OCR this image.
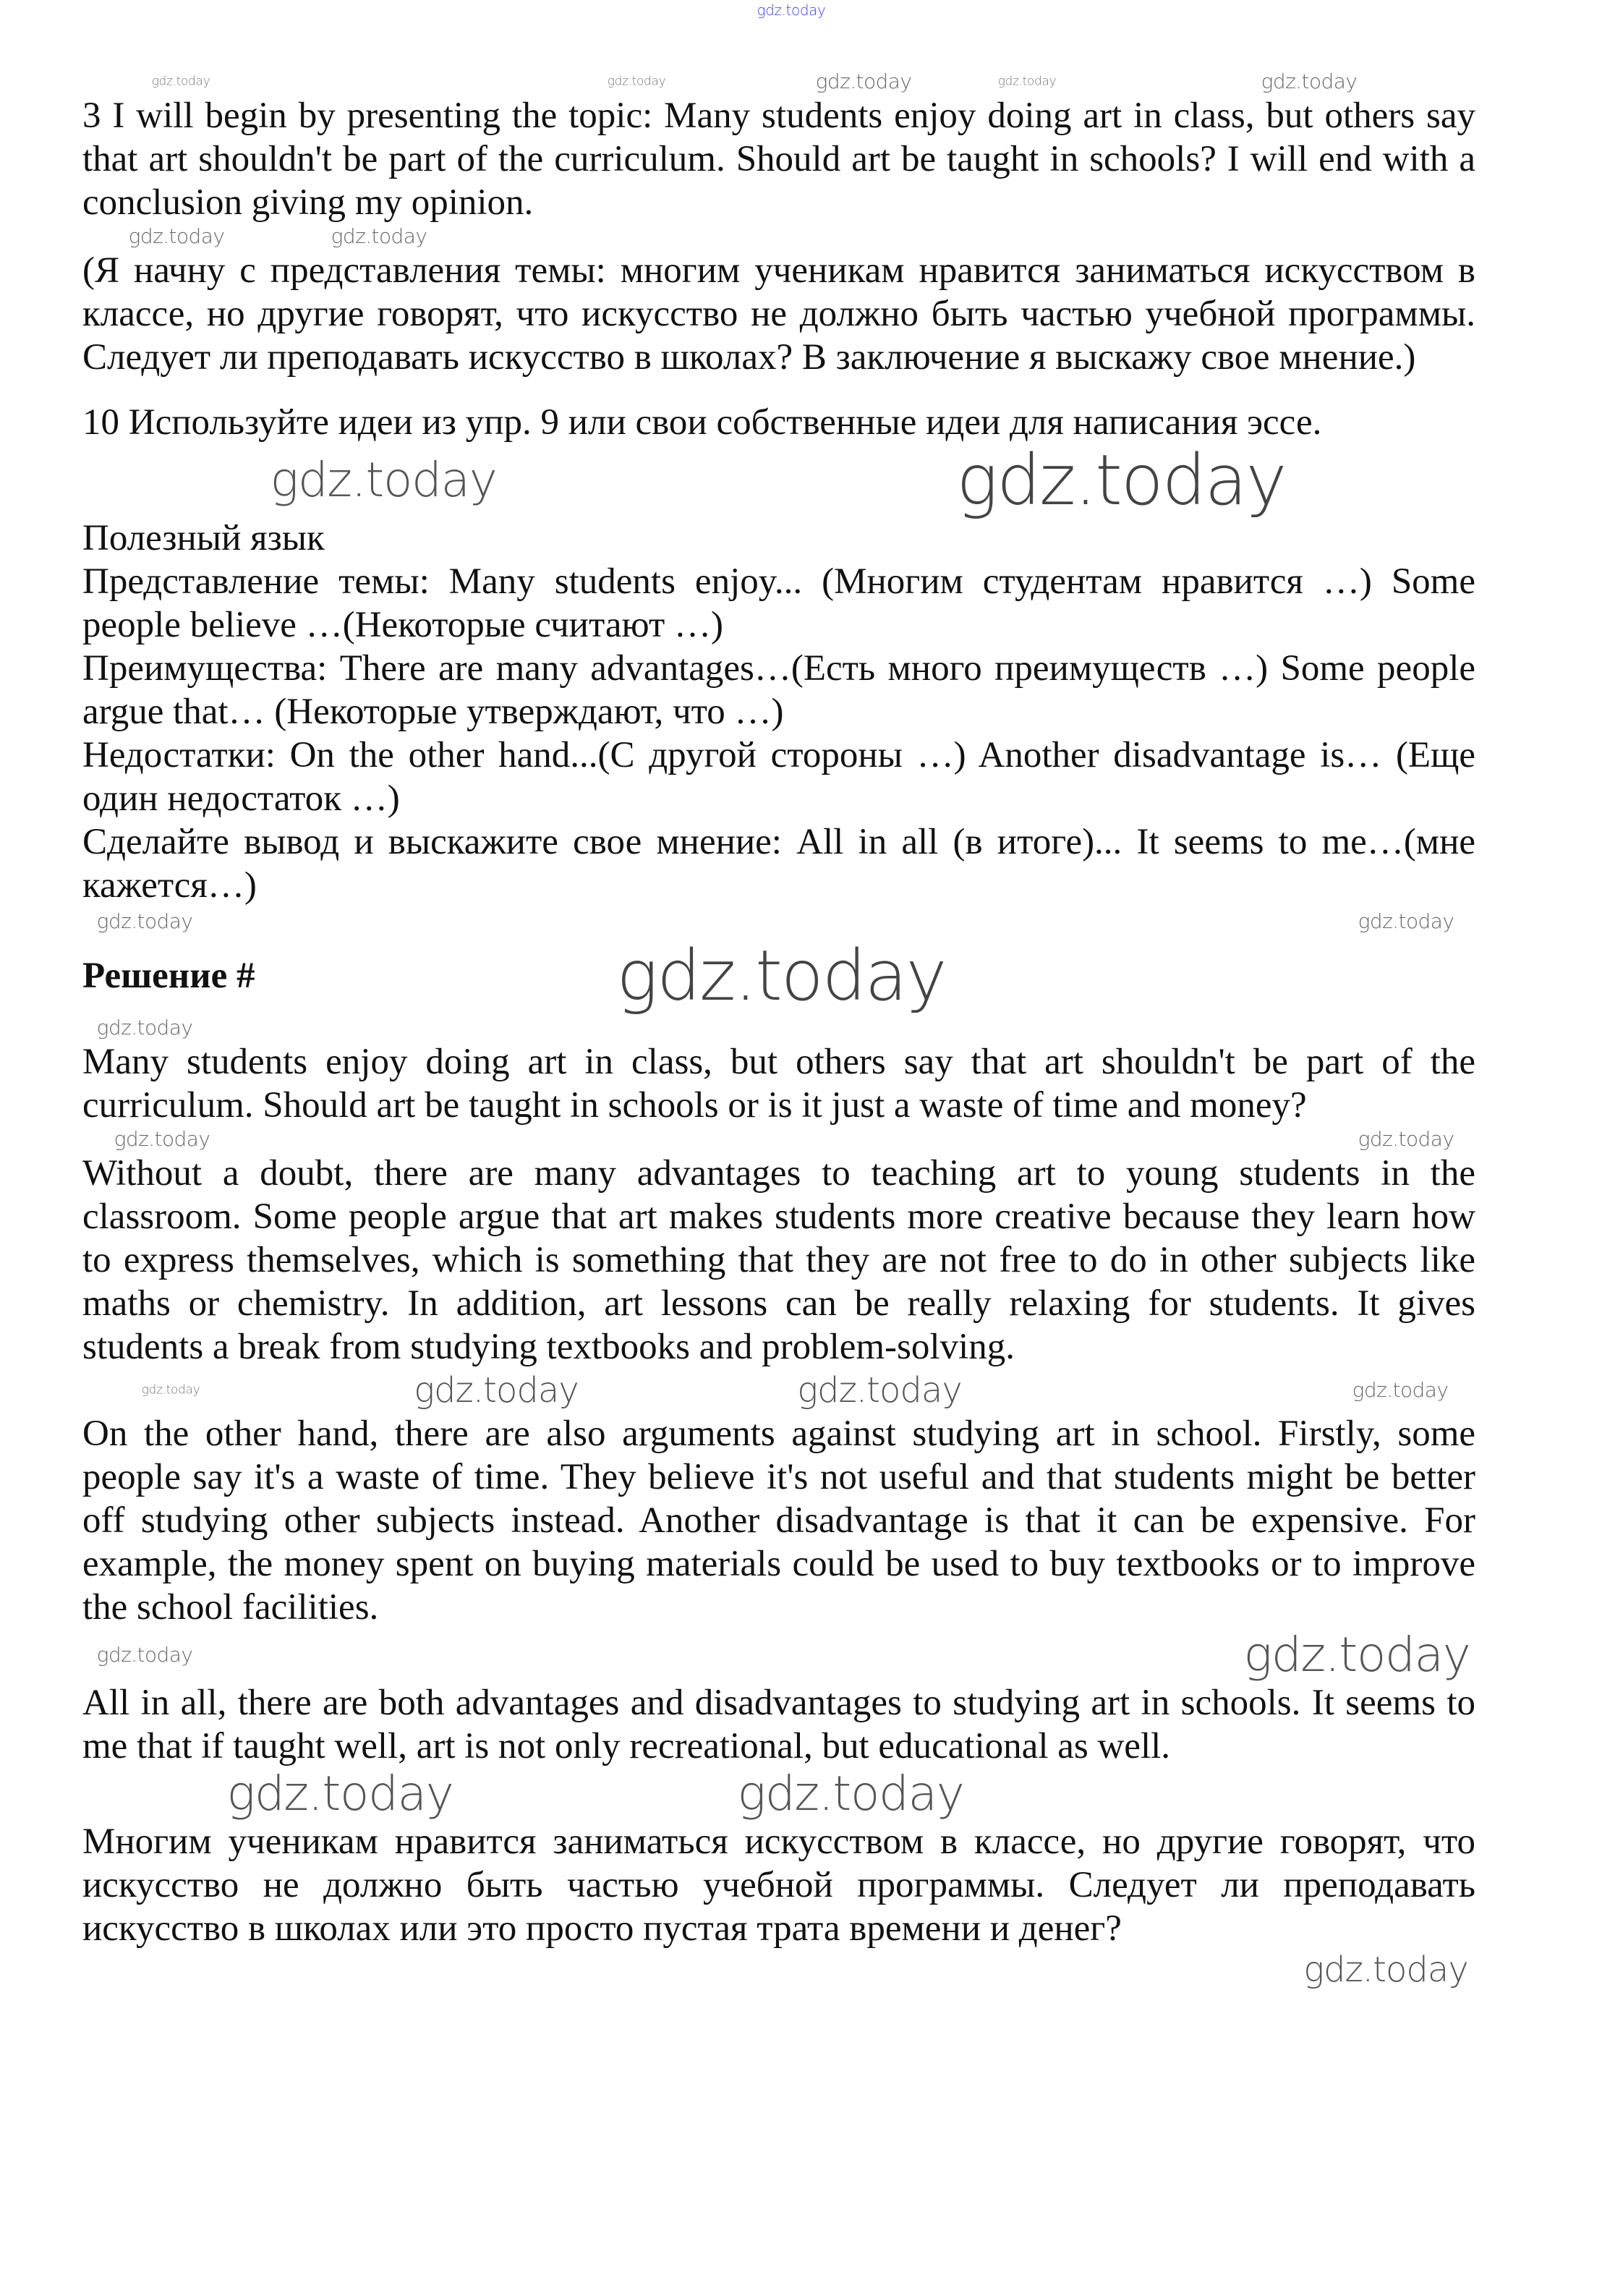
gdz.today
gdz.today	gdz.today	gdz.today	gdz.today	gdz.today

3 I will begin by presenting the topic: Many students enjoy doing art in class, but others say that art shouldn't be part of the curriculum. Should art be taught in schools? I will end with a conclusion giving my opinion.

gdz.today	gdz.today

(Я начну с представления темы: многим ученикам нравится заниматься искусством в классе, но другие говорят, что искусство не должно быть частью учебной программы. Следует ли преподавать искусство в школах? В заключение я выскажу свое мнение.)

10 Используйте идеи из упр. 9 или свои собственные идеи для написания эссе.

gdz.today	gdz.today

Полезный язык

Представление темы: Many students enjoy... (Многим студентам нравится …) Some people believe …(Некоторые считают …)

Преимущества: There are many advantages…(Есть много преимуществ …) Some people argue that… (Некоторые утверждают, что …)

Недостатки: On the other hand...(С другой стороны …) Another disadvantage is… (Еще один недостаток …)

Сделайте вывод и выскажите свое мнение: All in all (в итоге)... It seems to me…(мне кажется…)

gdz.today	gdz.today
Решение #	gdz.today
gdz.today

Many students enjoy doing art in class, but others say that art shouldn't be part of the curriculum. Should art be taught in schools or is it just a waste of time and money?

gdz.today	gdz.today

Without a doubt, there are many advantages to teaching art to young students in the classroom. Some people argue that art makes students more creative because they learn how to express themselves, which is something that they are not free to do in other subjects like maths or chemistry. In addition, art lessons can be really relaxing for students. It gives students a break from studying textbooks and problem-solving.

gdz.today	gdz.today	gdz.today	gdz.today

On the other hand, there are also arguments against studying art in school. Firstly, some people say it's a waste of time. They believe it's not useful and that students might be better off studying other subjects instead. Another disadvantage is that it can be expensive. For example, the money spent on buying materials could be used to buy textbooks or to improve the school facilities.

gdz.today	gdz.today

All in all, there are both advantages and disadvantages to studying art in schools. It seems to me that if taught well, art is not only recreational, but educational as well.

gdz.today	gdz.today

Многим ученикам нравится заниматься искусством в классе, но другие говорят, что искусство не должно быть частью учебной программы. Следует ли преподавать искусство в школах или это просто пустая трата времени и денег?

gdz.today
